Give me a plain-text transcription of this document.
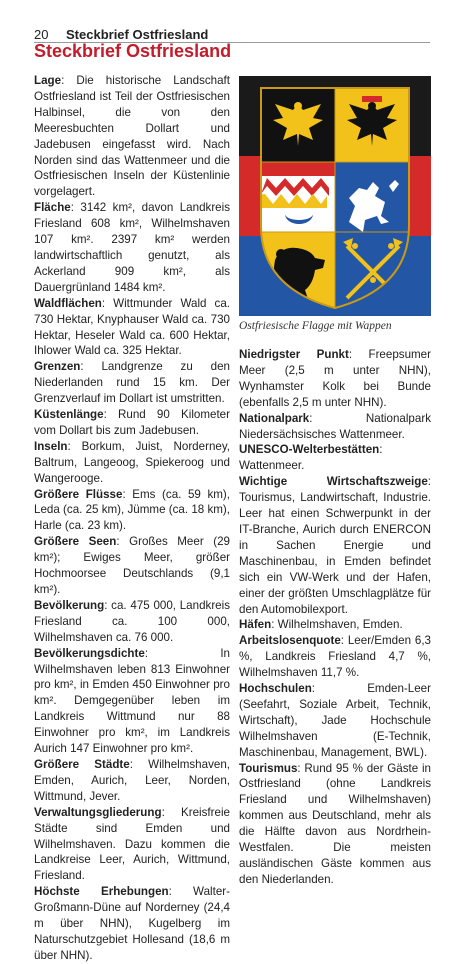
20	Steckbrief Ostfriesland
Steckbrief Ostfriesland

Lage: Die historische Landschaft Ostfriesland ist Teil der Ostfriesischen Halbinsel, die von den Meeresbuchten Dollart und Jadebusen eingefasst wird. Nach Norden sind das Wattenmeer und die Ostfriesischen Inseln der Küstenlinie vorgelagert.

Fläche: 3142 km², davon Landkreis Friesland 608 km², Wilhelmshaven 107 km². 2397 km² werden landwirtschaftlich genutzt, als Ackerland 909 km², als Dauergrünland 1484 km².

Waldflächen: Wittmunder Wald ca. 730 Hektar, Knyphauser Wald ca. 730 Hektar, Heseler Wald ca. 600 Hektar, Ihlower Wald ca. 325 Hektar.

Grenzen: Landgrenze zu den Niederlanden rund 15 km. Der Grenzverlauf im Dollart ist umstritten.

Küstenlänge: Rund 90 Kilometer vom Dollart bis zum Jadebusen.

Inseln: Borkum, Juist, Norderney, Baltrum, Langeoog, Spiekeroog und Wangerooge.

Größere Flüsse: Ems (ca. 59 km), Leda (ca. 25 km), Jümme (ca. 18 km), Harle (ca. 23 km).

Größere Seen: Großes Meer (29 km²); Ewiges Meer, größer Hochmoorsee Deutschlands (9,1 km²).

Bevölkerung: ca. 475 000, Landkreis Friesland ca. 100 000, Wilhelmshaven ca. 76 000.

Bevölkerungsdichte: In Wilhelmshaven leben 813 Einwohner pro km², in Emden 450 Einwohner pro km². Demgegenüber leben im Landkreis Wittmund nur 88 Einwohner pro km², im Landkreis Aurich 147 Einwohner pro km².

Größere Städte: Wilhelmshaven, Emden, Aurich, Leer, Norden, Wittmund, Jever.

Verwaltungsgliederung: Kreisfreie Städte sind Emden und Wilhelmshaven. Dazu kommen die Landkreise Leer, Aurich, Wittmund, Friesland.

Höchste Erhebungen: Walter-Großmann-Düne auf Norderney (24,4 m über NHN), Kugelberg im Naturschutzgebiet Hollesand (18,6 m über NHN).

Ostfriesische Flagge mit Wappen

Niedrigster Punkt: Freepsumer Meer (2,5 m unter NHN), Wynhamster Kolk bei Bunde (ebenfalls 2,5 m unter NHN).

Nationalpark: Nationalpark Niedersächsisches Wattenmeer.

UNESCO-Welterbestätten: Wattenmeer.

Wichtige Wirtschaftszweige: Tourismus, Landwirtschaft, Industrie. Leer hat einen Schwerpunkt in der IT-Branche, Aurich durch ENERCON in Sachen Energie und Maschinenbau, in Emden befindet sich ein VW-Werk und der Hafen, einer der größten Umschlagplätze für den Automobilexport.

Häfen: Wilhelmshaven, Emden.

Arbeitslosenquote: Leer/Emden 6,3 %, Landkreis Friesland 4,7 %, Wilhelmshaven 11,7 %.

Hochschulen: Emden-Leer (Seefahrt, Soziale Arbeit, Technik, Wirtschaft), Jade Hochschule Wilhelmshaven (E-Technik, Maschinenbau, Management, BWL).

Tourismus: Rund 95 % der Gäste in Ostfriesland (ohne Landkreis Friesland und Wilhelmshaven) kommen aus Deutschland, mehr als die Hälfte davon aus Nordrhein-Westfalen. Die meisten ausländischen Gäste kommen aus den Niederlanden.
